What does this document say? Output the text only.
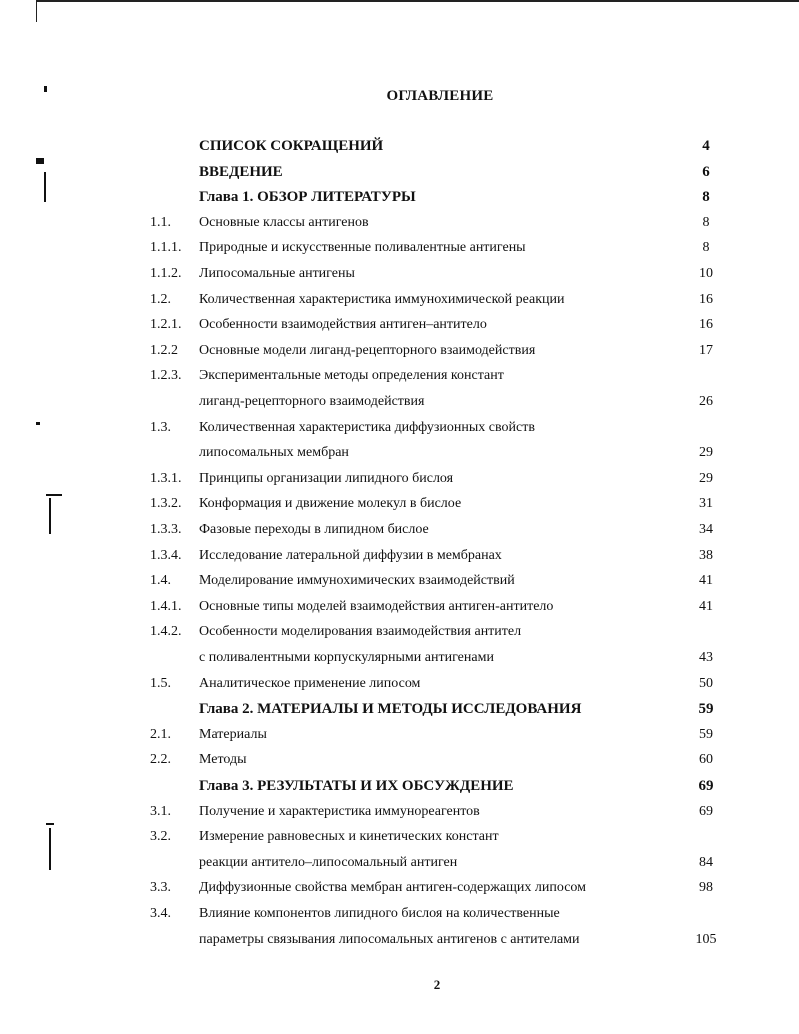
ОГЛАВЛЕНИЕ
СПИСОК СОКРАЩЕНИЙ	4
ВВЕДЕНИЕ	6
Глава 1. ОБЗОР ЛИТЕРАТУРЫ	8
1.1. Основные классы антигенов	8
1.1.1. Природные и искусственные поливалентные антигены	8
1.1.2. Липосомальные антигены	10
1.2. Количественная характеристика иммунохимической реакции	16
1.2.1. Особенности взаимодействия антиген–антитело	16
1.2.2 Основные модели лиганд-рецепторного взаимодействия	17
1.2.3. Экспериментальные методы определения констант
лиганд-рецепторного взаимодействия	26
1.3. Количественная характеристика диффузионных свойств
липосомальных мембран	29
1.3.1. Принципы организации липидного бислоя	29
1.3.2. Конформация и движение молекул в бислое	31
1.3.3. Фазовые переходы в липидном бислое	34
1.3.4. Исследование латеральной диффузии в мембранах	38
1.4. Моделирование иммунохимических взаимодействий	41
1.4.1. Основные типы моделей взаимодействия антиген-антитело	41
1.4.2. Особенности моделирования взаимодействия антител
с поливалентными корпускулярными антигенами	43
1.5. Аналитическое применение липосом	50
Глава 2. МАТЕРИАЛЫ И МЕТОДЫ ИССЛЕДОВАНИЯ	59
2.1. Материалы	59
2.2. Методы	60
Глава 3. РЕЗУЛЬТАТЫ И ИХ ОБСУЖДЕНИЕ	69
3.1. Получение и характеристика иммунореагентов	69
3.2. Измерение равновесных и кинетических констант
реакции антитело–липосомальный антиген	84
3.3. Диффузионные свойства мембран антиген-содержащих липосом	98
3.4. Влияние компонентов липидного бислоя на количественные
параметры связывания липосомальных антигенов с антителами	105
2
